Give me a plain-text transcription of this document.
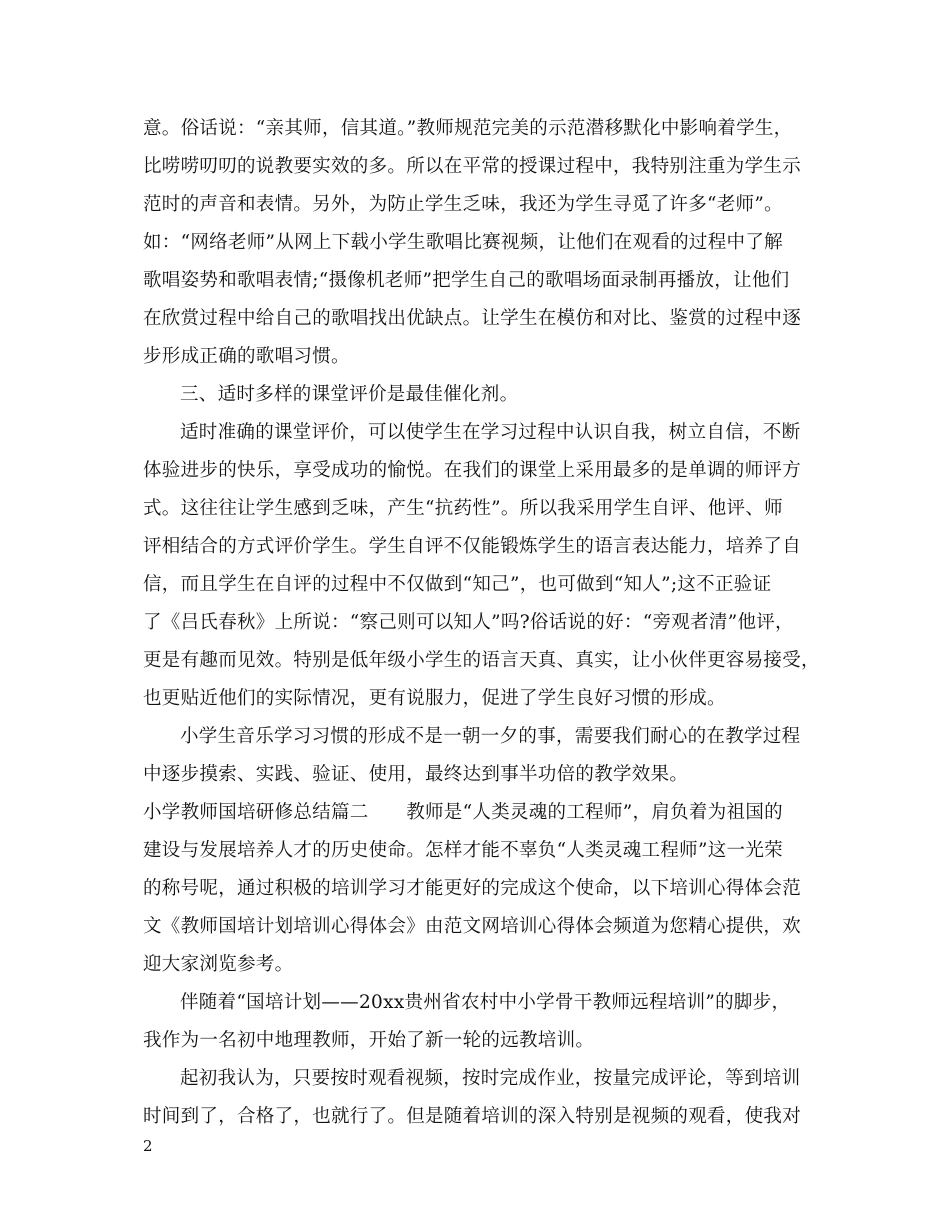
意。俗话说：“亲其师，信其道。”教师规范完美的示范潜移默化中影响着学生，
比唠唠叨叨的说教要实效的多。所以在平常的授课过程中，我特别注重为学生示
范时的声音和表情。另外，为防止学生乏味，我还为学生寻觅了许多“老师”。
如：“网络老师”从网上下载小学生歌唱比赛视频，让他们在观看的过程中了解
歌唱姿势和歌唱表情;“摄像机老师”把学生自己的歌唱场面录制再播放，让他们
在欣赏过程中给自己的歌唱找出优缺点。让学生在模仿和对比、鉴赏的过程中逐
步形成正确的歌唱习惯。
三、适时多样的课堂评价是最佳催化剂。
适时准确的课堂评价，可以使学生在学习过程中认识自我，树立自信，不断
体验进步的快乐，享受成功的愉悦。在我们的课堂上采用最多的是单调的师评方
式。这往往让学生感到乏味，产生“抗药性”。所以我采用学生自评、他评、师
评相结合的方式评价学生。学生自评不仅能锻炼学生的语言表达能力，培养了自
信，而且学生在自评的过程中不仅做到“知己”，也可做到“知人”;这不正验证
了《吕氏春秋》上所说：“察己则可以知人”吗?俗话说的好：“旁观者清”他评，
更是有趣而见效。特别是低年级小学生的语言天真、真实，让小伙伴更容易接受，
也更贴近他们的实际情况，更有说服力，促进了学生良好习惯的形成。
小学生音乐学习习惯的形成不是一朝一夕的事，需要我们耐心的在教学过程
中逐步摸索、实践、验证、使用，最终达到事半功倍的教学效果。
小学教师国培研修总结篇二　　教师是“人类灵魂的工程师”，肩负着为祖国的
建设与发展培养人才的历史使命。怎样才能不辜负“人类灵魂工程师”这一光荣
的称号呢，通过积极的培训学习才能更好的完成这个使命，以下培训心得体会范
文《教师国培计划培训心得体会》由范文网培训心得体会频道为您精心提供，欢
迎大家浏览参考。
伴随着“国培计划——20xx贵州省农村中小学骨干教师远程培训”的脚步，
我作为一名初中地理教师，开始了新一轮的远教培训。
起初我认为，只要按时观看视频，按时完成作业，按量完成评论，等到培训
时间到了，合格了，也就行了。但是随着培训的深入特别是视频的观看，使我对
2
